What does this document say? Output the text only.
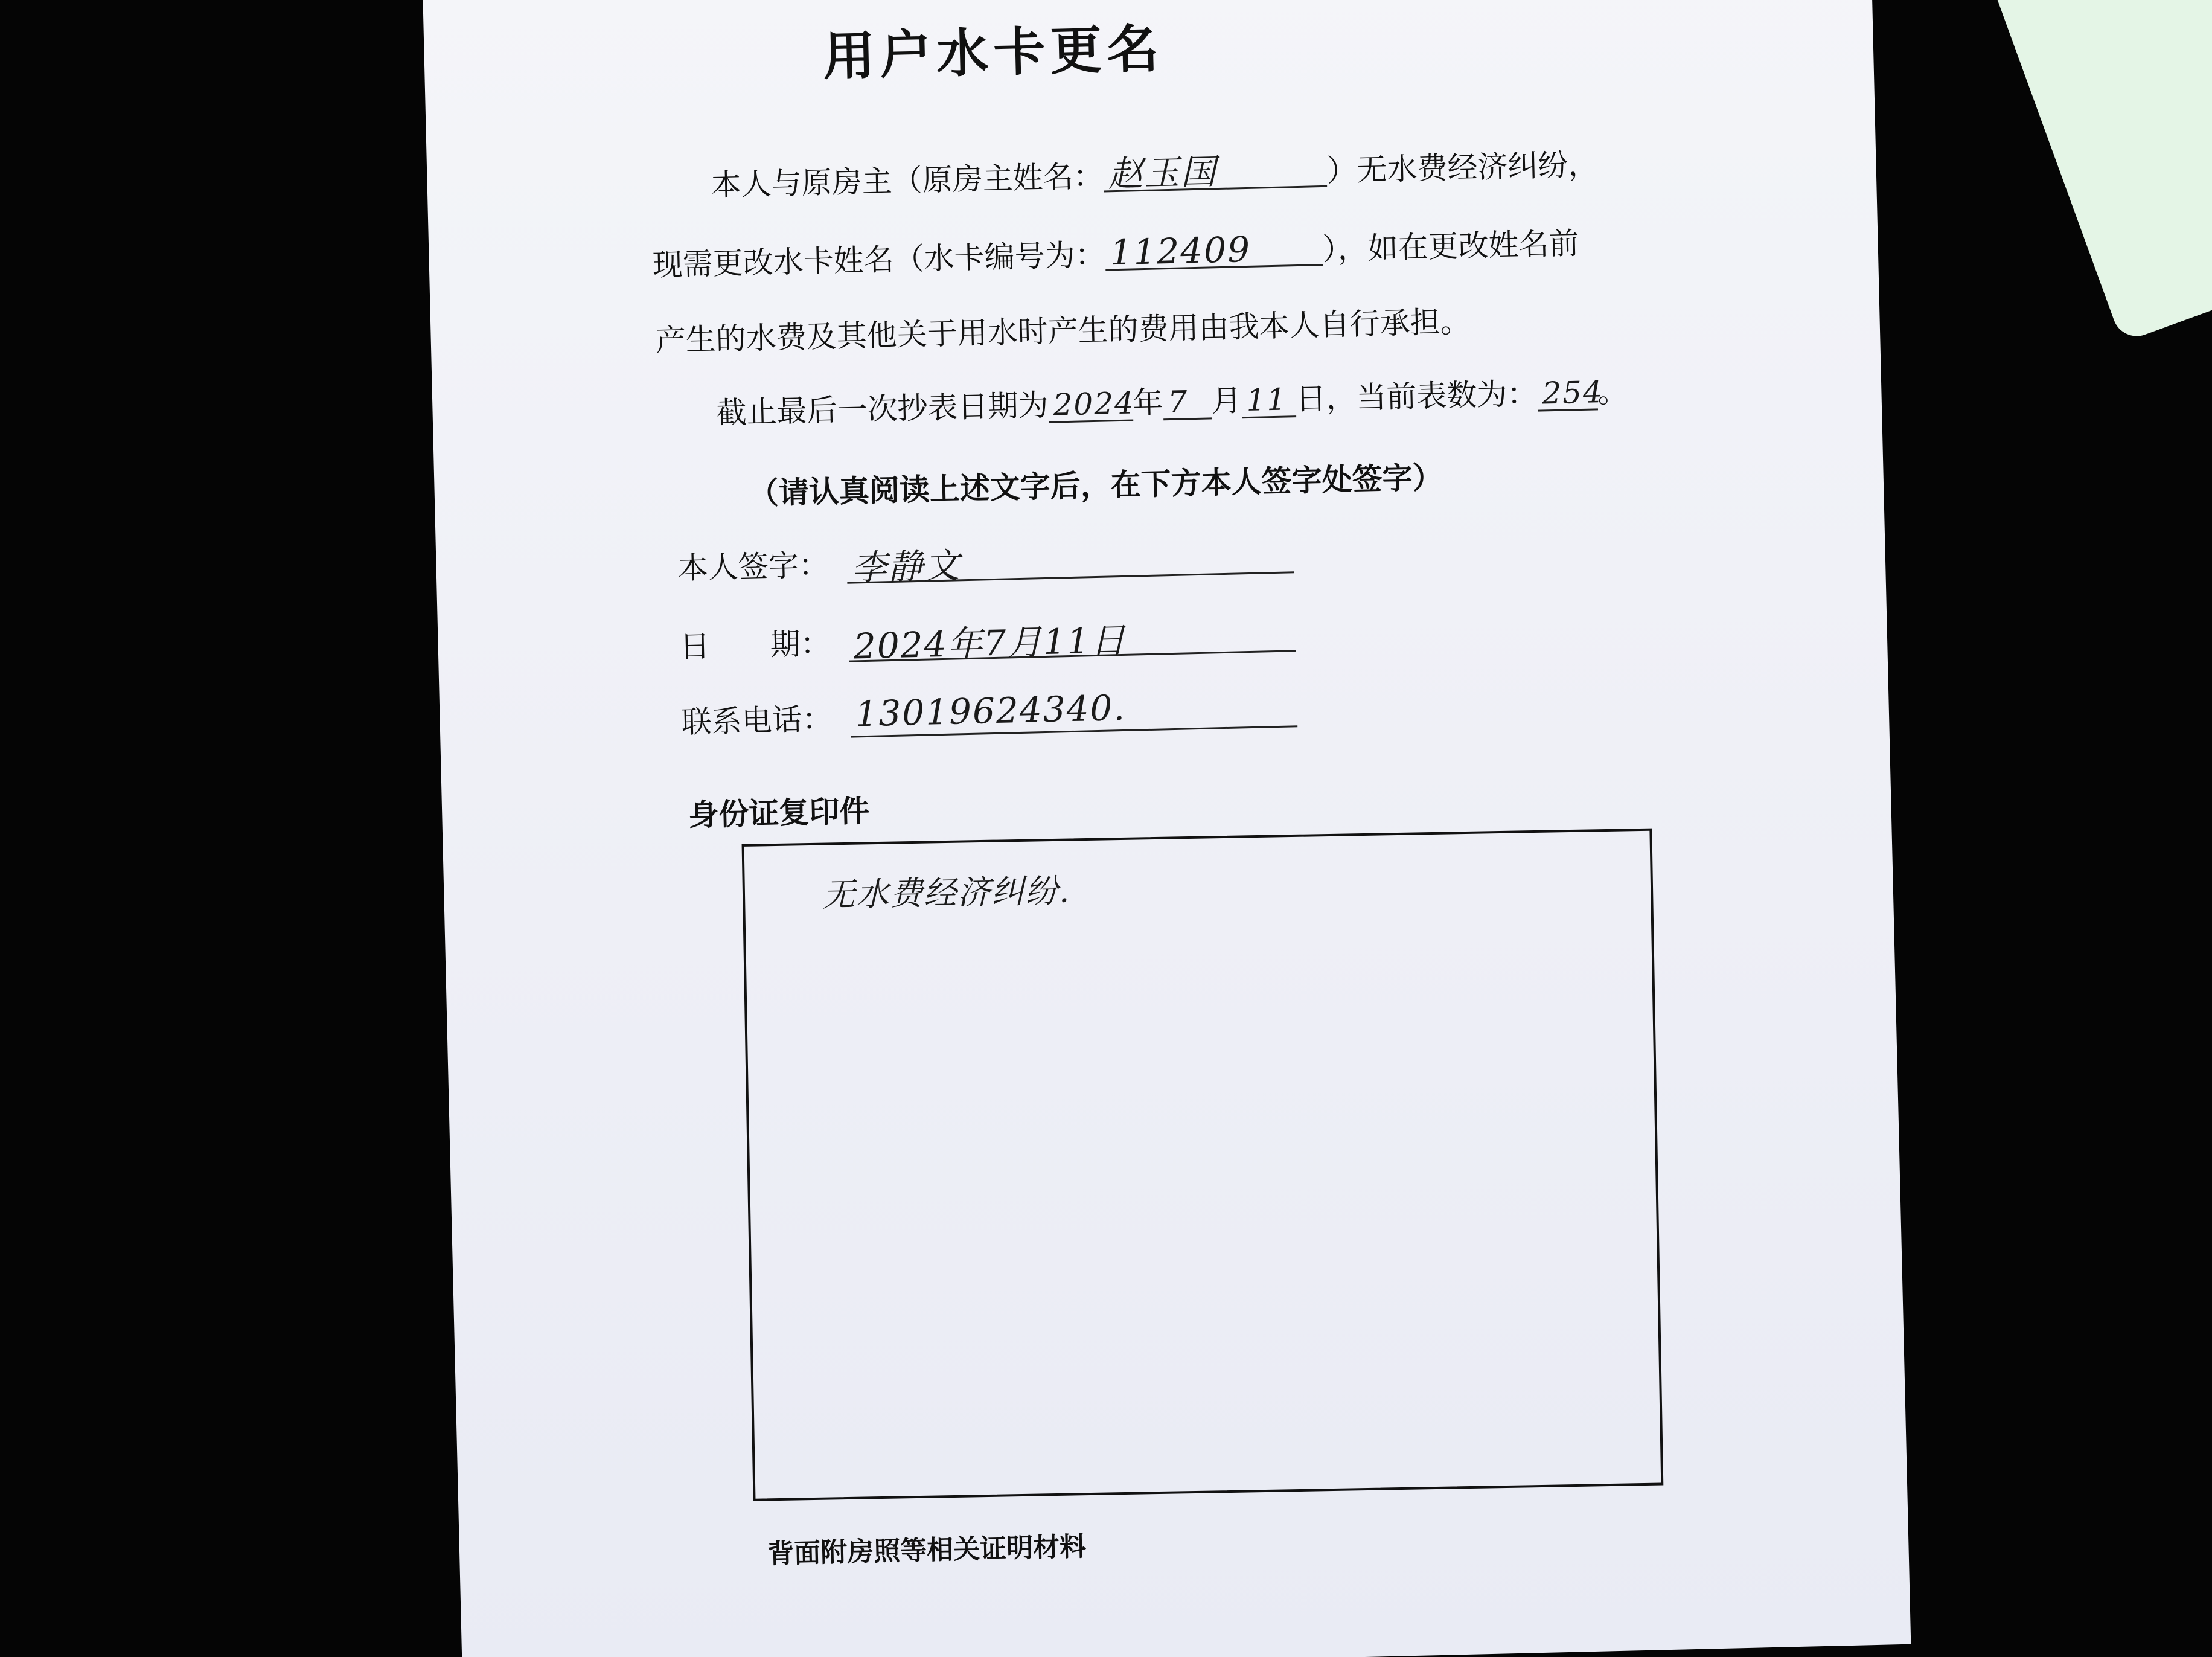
用户水卡更名
本人与原房主（原房主姓名： 赵玉国	）无水费经济纠纷，
现需更改水卡姓名（水卡编号为： 112409 ），如在更改姓名前
产生的水费及其他关于用水时产生的费用由我本人自行承担。
截止最后一次抄表日期为 2024年 7 月 11 日，当前表数为： 254。
（请认真阅读上述文字后，在下方本人签字处签字）
本人签字： 李静文
日　　期： 2024年7月11日
联系电话： 13019624340.
身份证复印件
无水费经济纠纷.
背面附房照等相关证明材料
